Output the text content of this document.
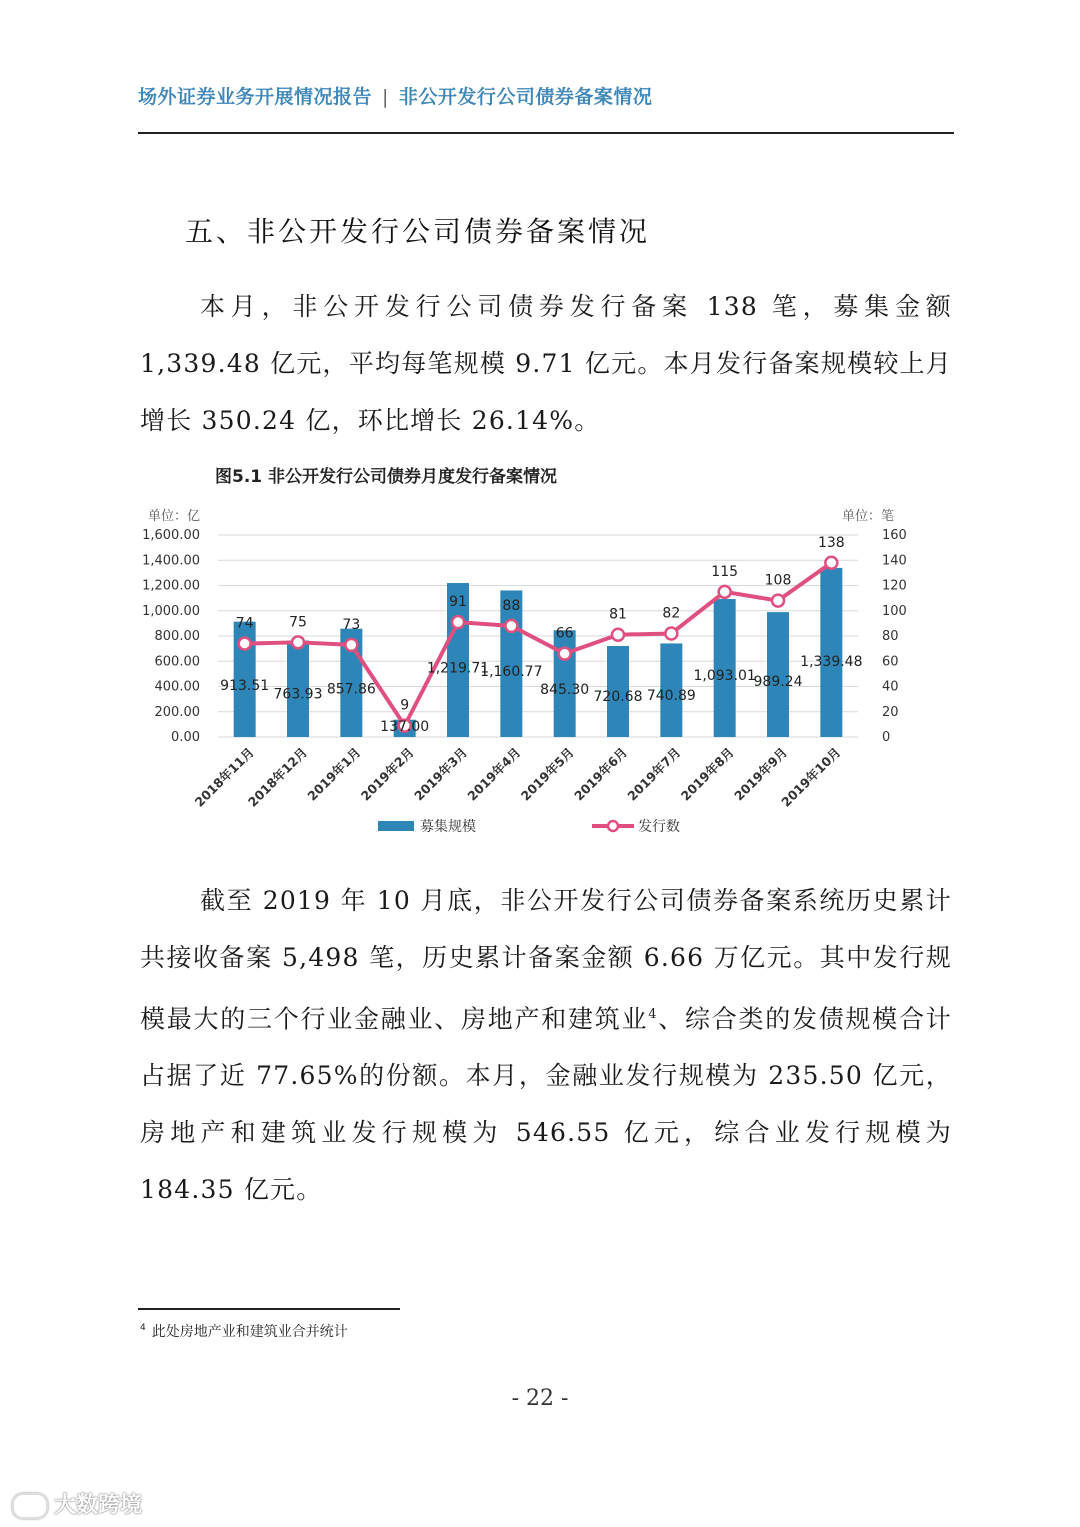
场外证券业务开展情况报告 | 非公开发行公司债券备案情况
五、非公开发行公司债券备案情况

本月，非公开发行公司债券发行备案 138 笔，募集金额 1,339.48 亿元，平均每笔规模 9.71 亿元。本月发行备案规模较上月增长 350.24 亿，环比增长 26.14%。

图5.1 非公开发行公司债券月度发行备案情况
74	75	73
9
91	88
66
81	82
115
108
138
913.51
763.93 857.86
137.00
1,219.71
1,160.77
845.30 720.68 740.89
1,093.01
989.24
1,339.48
0.00
200.00
400.00
600.00
800.00
1,000.00
1,200.00
1,400.00
1,600.00
0
20
40
60
80
100
120
140
160
单位：亿	单位：笔
2018年11月
2018年12月
2019年1月
2019年2月
2019年3月
2019年4月
2019年5月
2019年6月
2019年7月
2019年8月
2019年9月
2019年10月
募集规模	发行数

截至 2019 年 10 月底，非公开发行公司债券备案系统历史累计共接收备案 5,498 笔，历史累计备案金额 6.66 万亿元。其中发行规模最大的三个行业金融业、房地产和建筑业$^4$、综合类的发债规模合计占据了近 77.65%的份额。本月，金融业发行规模为 235.50 亿元，房地产和建筑业发行规模为 546.55 亿元，综合业发行规模为 184.35 亿元。

$^4$ 此处房地产业和建筑业合并统计
- 22 -
大数跨境
